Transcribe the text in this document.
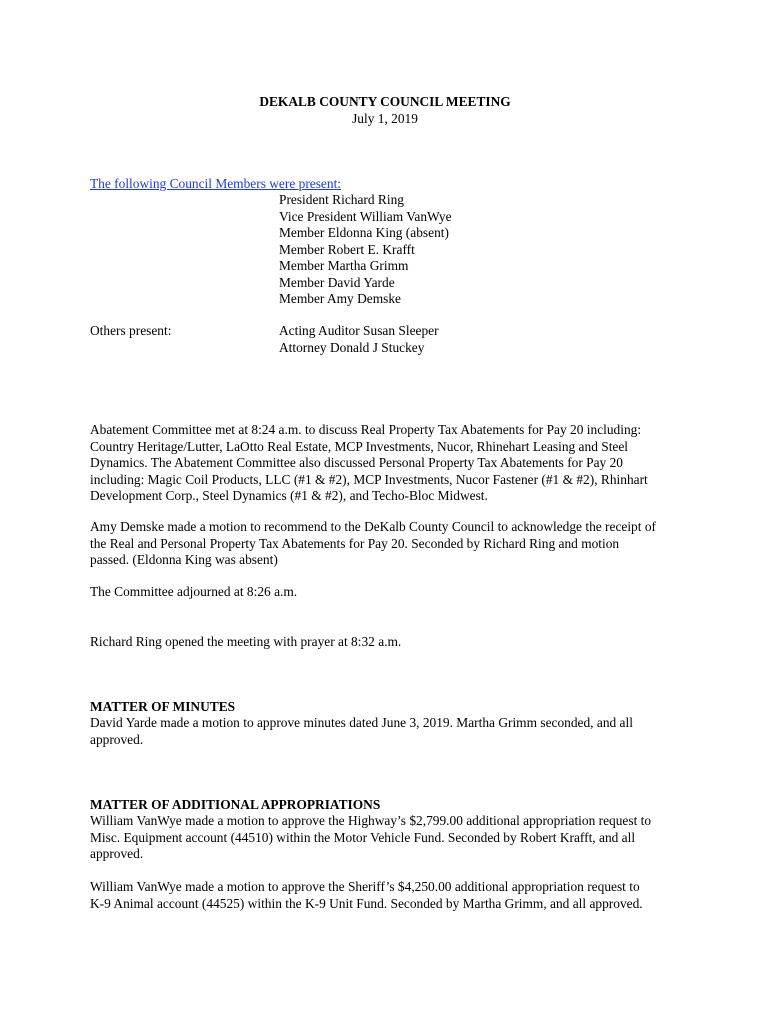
DEKALB COUNTY COUNCIL MEETING
July 1, 2019
The following Council Members were present:
President Richard Ring
Vice President William VanWye
Member Eldonna King (absent)
Member Robert E. Krafft
Member Martha Grimm
Member David Yarde
Member Amy Demske
Others present:	Acting Auditor Susan Sleeper
Attorney Donald J Stuckey
Abatement Committee met at 8:24 a.m. to discuss Real Property Tax Abatements for Pay 20 including:
Country Heritage/Lutter, LaOtto Real Estate, MCP Investments, Nucor, Rhinehart Leasing and Steel
Dynamics. The Abatement Committee also discussed Personal Property Tax Abatements for Pay 20
including: Magic Coil Products, LLC (#1 & #2), MCP Investments, Nucor Fastener (#1 & #2), Rhinhart
Development Corp., Steel Dynamics (#1 & #2), and Techo-Bloc Midwest.
Amy Demske made a motion to recommend to the DeKalb County Council to acknowledge the receipt of
the Real and Personal Property Tax Abatements for Pay 20. Seconded by Richard Ring and motion
passed. (Eldonna King was absent)
The Committee adjourned at 8:26 a.m.
Richard Ring opened the meeting with prayer at 8:32 a.m.
MATTER OF MINUTES
David Yarde made a motion to approve minutes dated June 3, 2019. Martha Grimm seconded, and all
approved.
MATTER OF ADDITIONAL APPROPRIATIONS
William VanWye made a motion to approve the Highway’s $2,799.00 additional appropriation request to
Misc. Equipment account (44510) within the Motor Vehicle Fund. Seconded by Robert Krafft, and all
approved.
William VanWye made a motion to approve the Sheriff’s $4,250.00 additional appropriation request to
K-9 Animal account (44525) within the K-9 Unit Fund. Seconded by Martha Grimm, and all approved.
